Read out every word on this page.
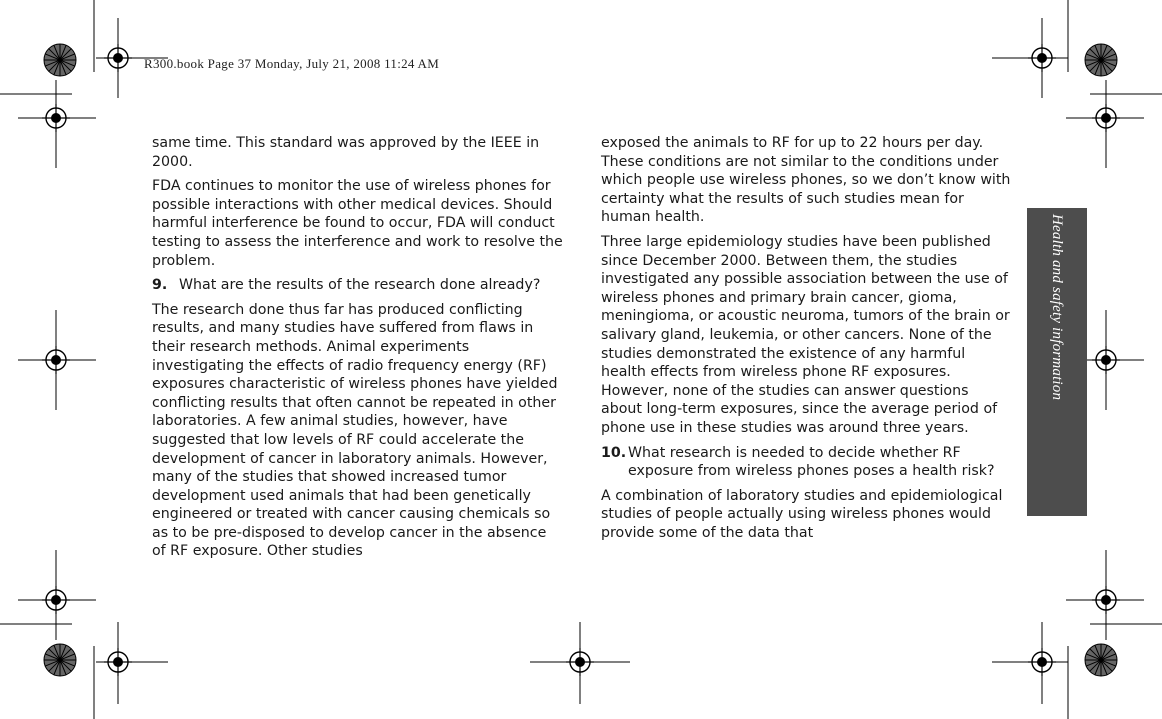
R300.book Page 37 Monday, July 21, 2008 11:24 AM
Health and safety information

same time. This standard was approved by the IEEE in 2000.

FDA continues to monitor the use of wireless phones for possible interactions with other medical devices. Should harmful interference be found to occur, FDA will conduct testing to assess the interference and work to resolve the problem.

9. What are the results of the research done already?

The research done thus far has produced conflicting results, and many studies have suffered from flaws in their research methods. Animal experiments investigating the effects of radio frequency energy (RF) exposures characteristic of wireless phones have yielded conflicting results that often cannot be repeated in other laboratories. A few animal studies, however, have suggested that low levels of RF could accelerate the development of cancer in laboratory animals. However, many of the studies that showed increased tumor development used animals that had been genetically engineered or treated with cancer causing chemicals so as to be pre-disposed to develop cancer in the absence of RF exposure. Other studies

exposed the animals to RF for up to 22 hours per day. These conditions are not similar to the conditions under which people use wireless phones, so we don’t know with certainty what the results of such studies mean for human health.

Three large epidemiology studies have been published since December 2000. Between them, the studies investigated any possible association between the use of wireless phones and primary brain cancer, gioma, meningioma, or acoustic neuroma, tumors of the brain or salivary gland, leukemia, or other cancers. None of the studies demonstrated the existence of any harmful health effects from wireless phone RF exposures. However, none of the studies can answer questions about long-term exposures, since the average period of phone use in these studies was around three years.

10. What research is needed to decide whether RF exposure from wireless phones poses a health risk?

A combination of laboratory studies and epidemiological studies of people actually using wireless phones would provide some of the data that
